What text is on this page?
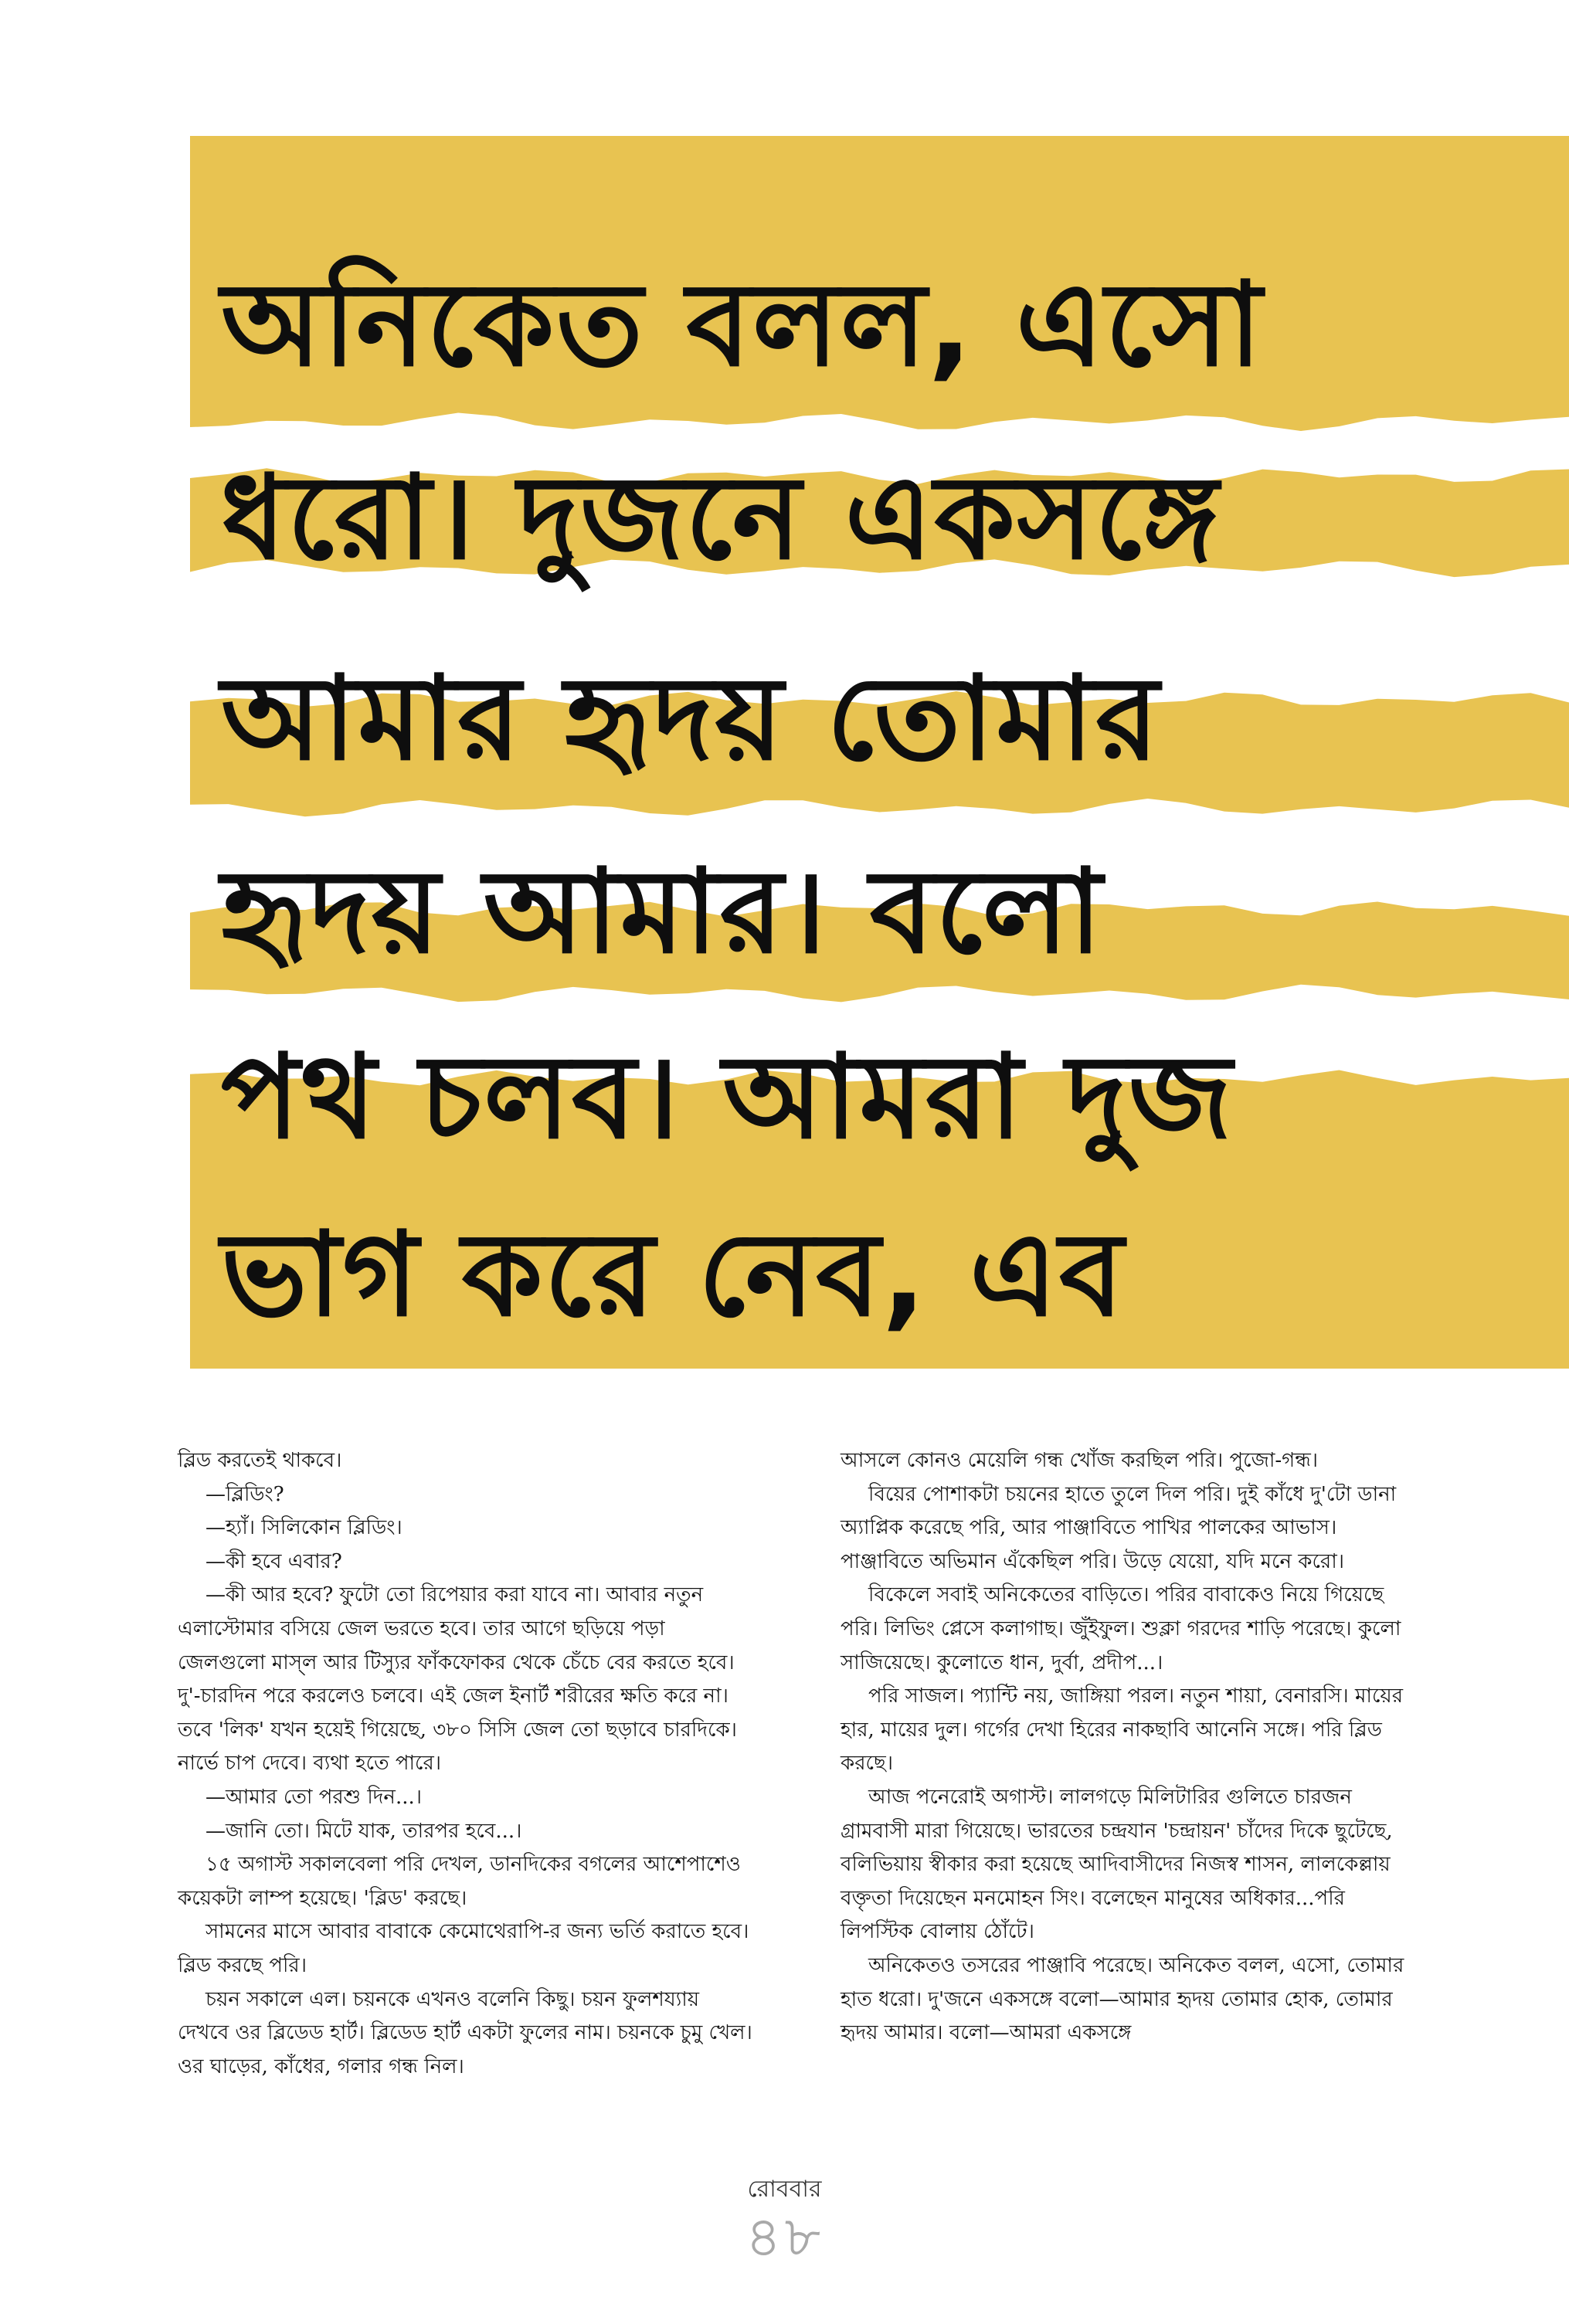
অনিকেত বলল, এসো
ধরো। দুজনে একসঙ্গে
আমার হৃদয় তোমার
হৃদয় আমার। বলো
পথ চলব। আমরা দুজ
ভাগ করে নেব, এব

ব্লিড করতেই থাকবে।

—ব্লিডিং?

—হ্যাঁ। সিলিকোন ব্লিডিং।

—কী হবে এবার?

—কী আর হবে? ফুটো তো রিপেয়ার করা যাবে না। আবার নতুন এলাস্টোমার বসিয়ে জেল ভরতে হবে। তার আগে ছড়িয়ে পড়া জেলগুলো মাস্‌ল আর টিস্যুর ফাঁকফোকর থেকে চেঁচে বের করতে হবে। দু'-চারদিন পরে করলেও চলবে। এই জেল ইনার্ট শরীরের ক্ষতি করে না। তবে 'লিক' যখন হয়েই গিয়েছে, ৩৮০ সিসি জেল তো ছড়াবে চারদিকে। নার্ভে চাপ দেবে। ব্যথা হতে পারে।

—আমার তো পরশু দিন...।

—জানি তো। মিটে যাক, তারপর হবে...।

১৫ অগাস্ট সকালবেলা পরি দেখল, ডানদিকের বগলের আশেপাশেও কয়েকটা লাম্প হয়েছে। 'ব্লিড' করছে।

সামনের মাসে আবার বাবাকে কেমোথেরাপি-র জন্য ভর্তি করাতে হবে। ব্লিড করছে পরি।

চয়ন সকালে এল। চয়নকে এখনও বলেনি কিছু। চয়ন ফুলশয্যায় দেখবে ওর ব্লিডেড হার্ট। ব্লিডেড হার্ট একটা ফুলের নাম। চয়নকে চুমু খেল। ওর ঘাড়ের, কাঁধের, গলার গন্ধ নিল।

আসলে কোনও মেয়েলি গন্ধ খোঁজ করছিল পরি। পুজো-গন্ধ।

বিয়ের পোশাকটা চয়নের হাতে তুলে দিল পরি। দুই কাঁধে দু'টো ডানা অ্যাপ্লিক করেছে পরি, আর পাঞ্জাবিতে পাখির পালকের আভাস। পাঞ্জাবিতে অভিমান এঁকেছিল পরি। উড়ে যেয়ো, যদি মনে করো।

বিকেলে সবাই অনিকেতের বাড়িতে। পরির বাবাকেও নিয়ে গিয়েছে পরি। লিভিং প্লেসে কলাগাছ। জুঁইফুল। শুক্লা গরদের শাড়ি পরেছে। কুলো সাজিয়েছে। কুলোতে ধান, দুর্বা, প্রদীপ...।

পরি সাজল। প্যান্টি নয়, জাঙ্গিয়া পরল। নতুন শায়া, বেনারসি। মায়ের হার, মায়ের দুল। গর্গের দেখা হিরের নাকছাবি আনেনি সঙ্গে। পরি ব্লিড করছে।

আজ পনেরোই অগাস্ট। লালগড়ে মিলিটারির গুলিতে চারজন গ্রামবাসী মারা গিয়েছে। ভারতের চন্দ্রযান 'চন্দ্রায়ন' চাঁদের দিকে ছুটেছে, বলিভিয়ায় স্বীকার করা হয়েছে আদিবাসীদের নিজস্ব শাসন, লালকেল্লায় বক্তৃতা দিয়েছেন মনমোহন সিং। বলেছেন মানুষের অধিকার...পরি লিপস্টিক বোলায় ঠোঁটে।

অনিকেতও তসরের পাঞ্জাবি পরেছে। অনিকেত বলল, এসো, তোমার হাত ধরো। দু'জনে একসঙ্গে বলো—আমার হৃদয় তোমার হোক, তোমার হৃদয় আমার। বলো—আমরা একসঙ্গে

রোববার
৪৮
